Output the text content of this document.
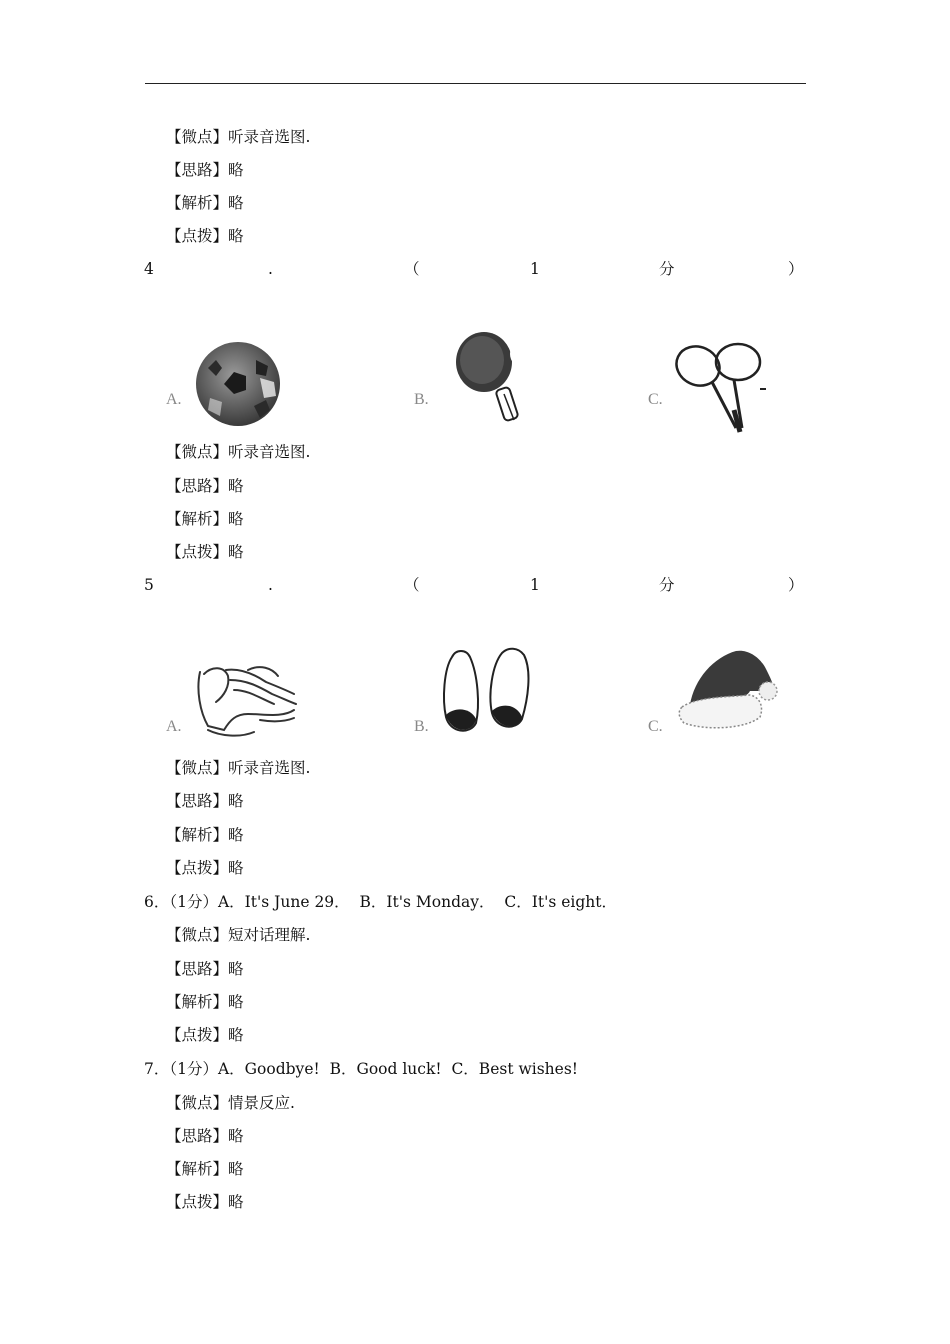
【微点】听录音选图.
【思路】略
【解析】略
【点拨】略
4	.	（	1	分	）
A.	B.	C.
【微点】听录音选图.
【思路】略
【解析】略
【点拨】略
5	.	（	1	分	）
A.	B.	C.
【微点】听录音选图.
【思路】略
【解析】略
【点拨】略
6．（1分）A．It's June 29．  B．It's Monday．  C．It's eight．
【微点】短对话理解.
【思路】略
【解析】略
【点拨】略
7．（1分）A．Goodbye!  B．Good luck!  C．Best wishes!
【微点】情景反应.
【思路】略
【解析】略
【点拨】略
